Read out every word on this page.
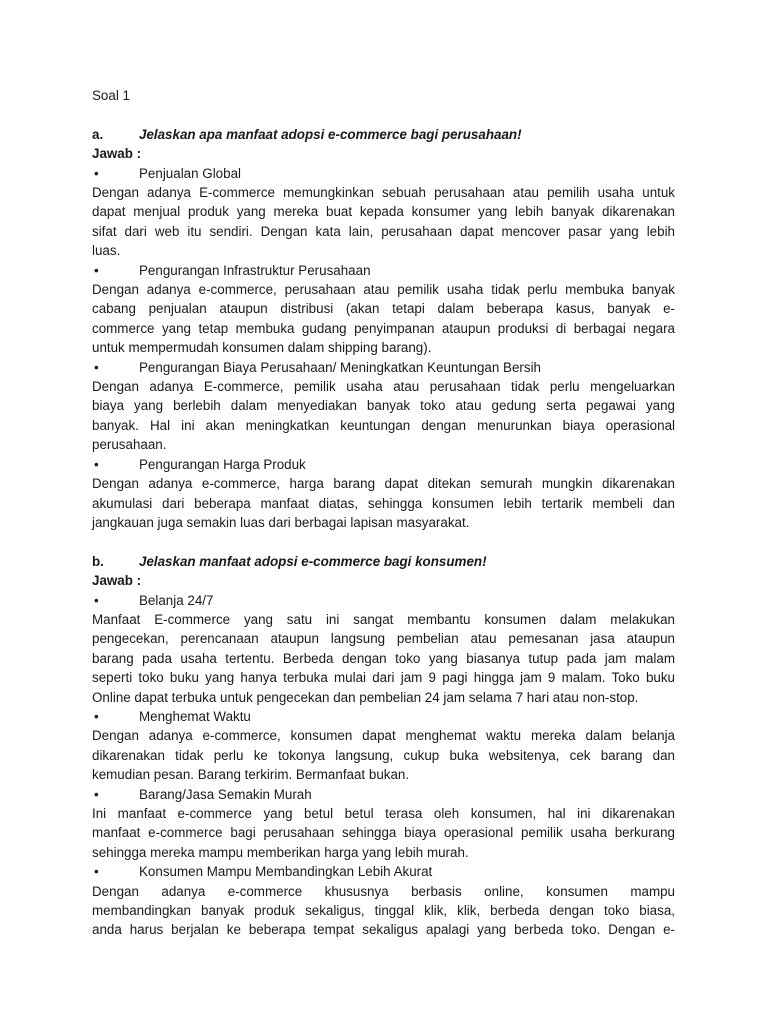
Soal 1

a.	Jelaskan apa manfaat adopsi e-commerce bagi perusahaan!

Jawab :

•	Penjualan Global

Dengan adanya E-commerce memungkinkan sebuah perusahaan atau pemilih usaha untuk

dapat menjual produk yang mereka buat kepada konsumer yang lebih banyak dikarenakan

sifat dari web itu sendiri. Dengan kata lain, perusahaan dapat mencover pasar yang lebih

luas.

•	Pengurangan Infrastruktur Perusahaan

Dengan adanya e-commerce, perusahaan atau pemilik usaha tidak perlu membuka banyak

cabang penjualan ataupun distribusi (akan tetapi dalam beberapa kasus, banyak e-

commerce yang tetap membuka gudang penyimpanan ataupun produksi di berbagai negara

untuk mempermudah konsumen dalam shipping barang).

•	Pengurangan Biaya Perusahaan/ Meningkatkan Keuntungan Bersih

Dengan adanya E-commerce, pemilik usaha atau perusahaan tidak perlu mengeluarkan

biaya yang berlebih dalam menyediakan banyak toko atau gedung serta pegawai yang

banyak. Hal ini akan meningkatkan keuntungan dengan menurunkan biaya operasional

perusahaan.

•	Pengurangan Harga Produk

Dengan adanya e-commerce, harga barang dapat ditekan semurah mungkin dikarenakan

akumulasi dari beberapa manfaat diatas, sehingga konsumen lebih tertarik membeli dan

jangkauan juga semakin luas dari berbagai lapisan masyarakat.

b.	Jelaskan manfaat adopsi e-commerce bagi konsumen!

Jawab :

•	Belanja 24/7

Manfaat E-commerce yang satu ini sangat membantu konsumen dalam melakukan

pengecekan, perencanaan ataupun langsung pembelian atau pemesanan jasa ataupun

barang pada usaha tertentu. Berbeda dengan toko yang biasanya tutup pada jam malam

seperti toko buku yang hanya terbuka mulai dari jam 9 pagi hingga jam 9 malam. Toko buku

Online dapat terbuka untuk pengecekan dan pembelian 24 jam selama 7 hari atau non-stop.

•	Menghemat Waktu

Dengan adanya e-commerce, konsumen dapat menghemat waktu mereka dalam belanja

dikarenakan tidak perlu ke tokonya langsung, cukup buka websitenya, cek barang dan

kemudian pesan. Barang terkirim. Bermanfaat bukan.

•	Barang/Jasa Semakin Murah

Ini manfaat e-commerce yang betul betul terasa oleh konsumen, hal ini dikarenakan

manfaat e-commerce bagi perusahaan sehingga biaya operasional pemilik usaha berkurang

sehingga mereka mampu memberikan harga yang lebih murah.

•	Konsumen Mampu Membandingkan Lebih Akurat

Dengan adanya e-commerce khususnya berbasis online, konsumen mampu

membandingkan banyak produk sekaligus, tinggal klik, klik, berbeda dengan toko biasa,

anda harus berjalan ke beberapa tempat sekaligus apalagi yang berbeda toko. Dengan e-
